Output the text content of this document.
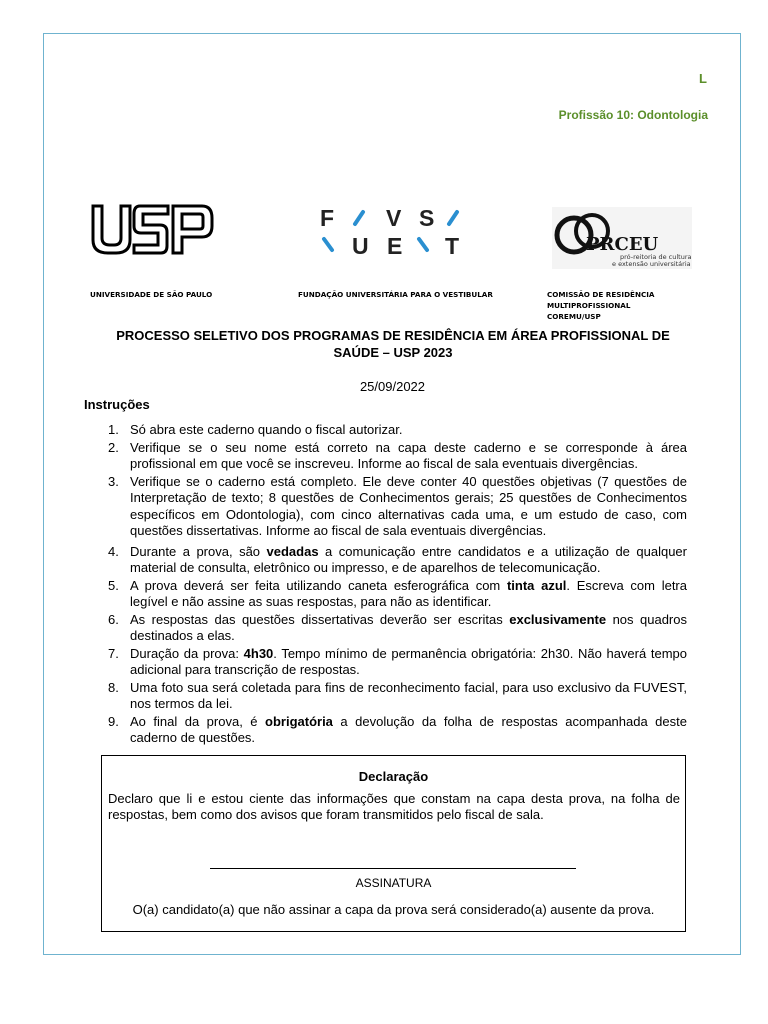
L
Profissão 10: Odontologia
F V S
U E T	PRCEU
pró-reitoria de cultura
e extensão universitária
UNIVERSIDADE DE SÃO PAULO	FUNDAÇÃO UNIVERSITÁRIA PARA O VESTIBULAR	COMISSÃO DE RESIDÊNCIA MULTIPROFISSIONAL
COREMU/USP
PROCESSO SELETIVO DOS PROGRAMAS DE RESIDÊNCIA EM ÁREA PROFISSIONAL DE
SAÚDE – USP 2023
25/09/2022
Instruções
1. Só abra este caderno quando o fiscal autorizar.
2. Verifique se o seu nome está correto na capa deste caderno e se corresponde à área profissional em que você se inscreveu. Informe ao fiscal de sala eventuais divergências.
3. Verifique se o caderno está completo. Ele deve conter 40 questões objetivas (7 questões de Interpretação de texto; 8 questões de Conhecimentos gerais; 25 questões de Conhecimentos específicos em Odontologia), com cinco alternativas cada uma, e um estudo de caso, com questões dissertativas. Informe ao fiscal de sala eventuais divergências.
4. Durante a prova, são vedadas a comunicação entre candidatos e a utilização de qualquer material de consulta, eletrônico ou impresso, e de aparelhos de telecomunicação.
5. A prova deverá ser feita utilizando caneta esferográfica com tinta azul. Escreva com letra legível e não assine as suas respostas, para não as identificar.
6. As respostas das questões dissertativas deverão ser escritas exclusivamente nos quadros destinados a elas.
7. Duração da prova: 4h30. Tempo mínimo de permanência obrigatória: 2h30. Não haverá tempo adicional para transcrição de respostas.
8. Uma foto sua será coletada para fins de reconhecimento facial, para uso exclusivo da FUVEST, nos termos da lei.
9. Ao final da prova, é obrigatória a devolução da folha de respostas acompanhada deste caderno de questões.
Declaração
Declaro que li e estou ciente das informações que constam na capa desta prova, na folha de respostas, bem como dos avisos que foram transmitidos pelo fiscal de sala.
ASSINATURA
O(a) candidato(a) que não assinar a capa da prova será considerado(a) ausente da prova.
